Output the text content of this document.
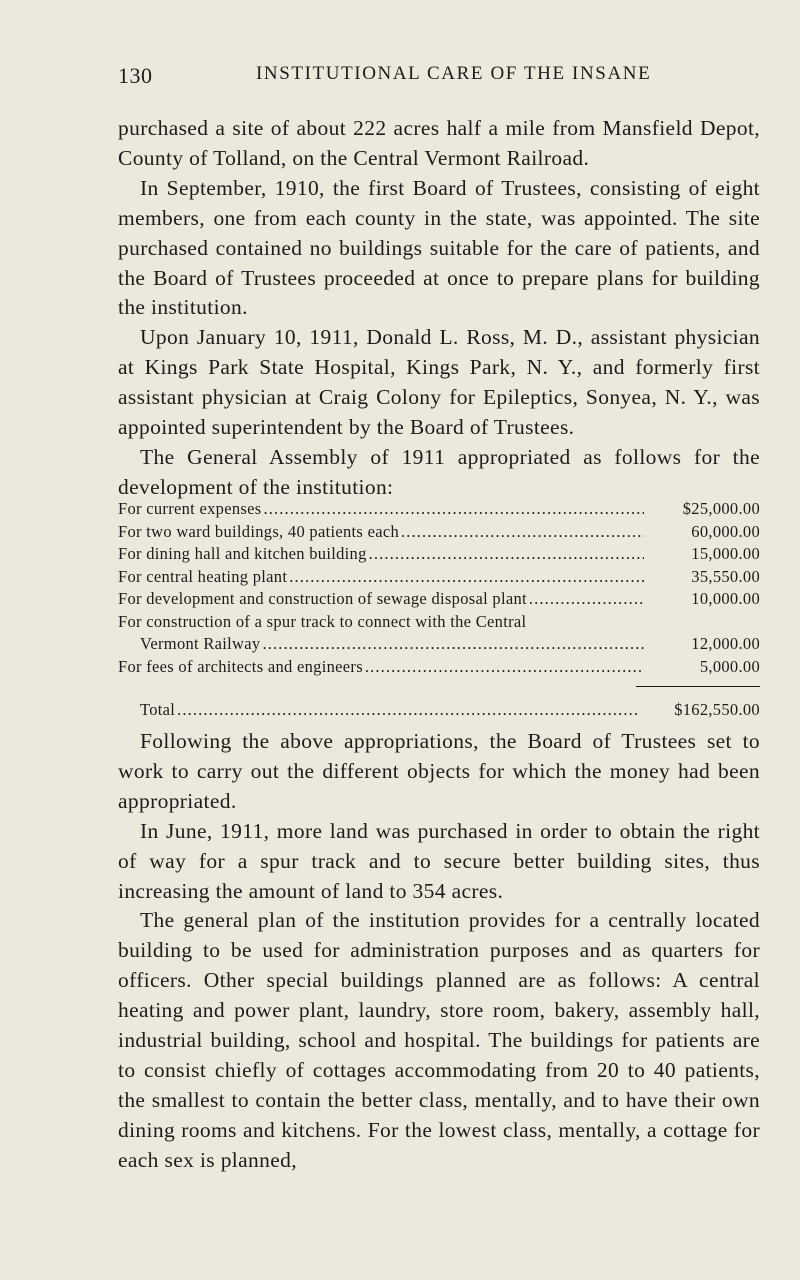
130	INSTITUTIONAL CARE OF THE INSANE

purchased a site of about 222 acres half a mile from Mansfield Depot, County of Tolland, on the Central Vermont Railroad.

In September, 1910, the first Board of Trustees, consisting of eight members, one from each county in the state, was appointed. The site purchased contained no buildings suitable for the care of patients, and the Board of Trustees proceeded at once to prepare plans for building the institution.

Upon January 10, 1911, Donald L. Ross, M. D., assistant physician at Kings Park State Hospital, Kings Park, N. Y., and formerly first assistant physician at Craig Colony for Epileptics, Sonyea, N. Y., was appointed superintendent by the Board of Trustees.

The General Assembly of 1911 appropriated as follows for the development of the institution:

For current expenses . . .	$25,000.00
For two ward buildings, 40 patients each . . .	60,000.00
For dining hall and kitchen building . . .	15,000.00
For central heating plant . . .	35,550.00
For development and construction of sewage disposal plant . . .	10,000.00
For construction of a spur track to connect with the Central
Vermont Railway . . .	12,000.00
For fees of architects and engineers . . .	5,000.00
Total . . .	$162,550.00

Following the above appropriations, the Board of Trustees set to work to carry out the different objects for which the money had been appropriated.

In June, 1911, more land was purchased in order to obtain the right of way for a spur track and to secure better building sites, thus increasing the amount of land to 354 acres.

The general plan of the institution provides for a centrally located building to be used for administration purposes and as quarters for officers. Other special buildings planned are as follows: A central heating and power plant, laundry, store room, bakery, assembly hall, industrial building, school and hospital. The buildings for patients are to consist chiefly of cottages accommodating from 20 to 40 patients, the smallest to contain the better class, mentally, and to have their own dining rooms and kitchens. For the lowest class, mentally, a cottage for each sex is planned,
